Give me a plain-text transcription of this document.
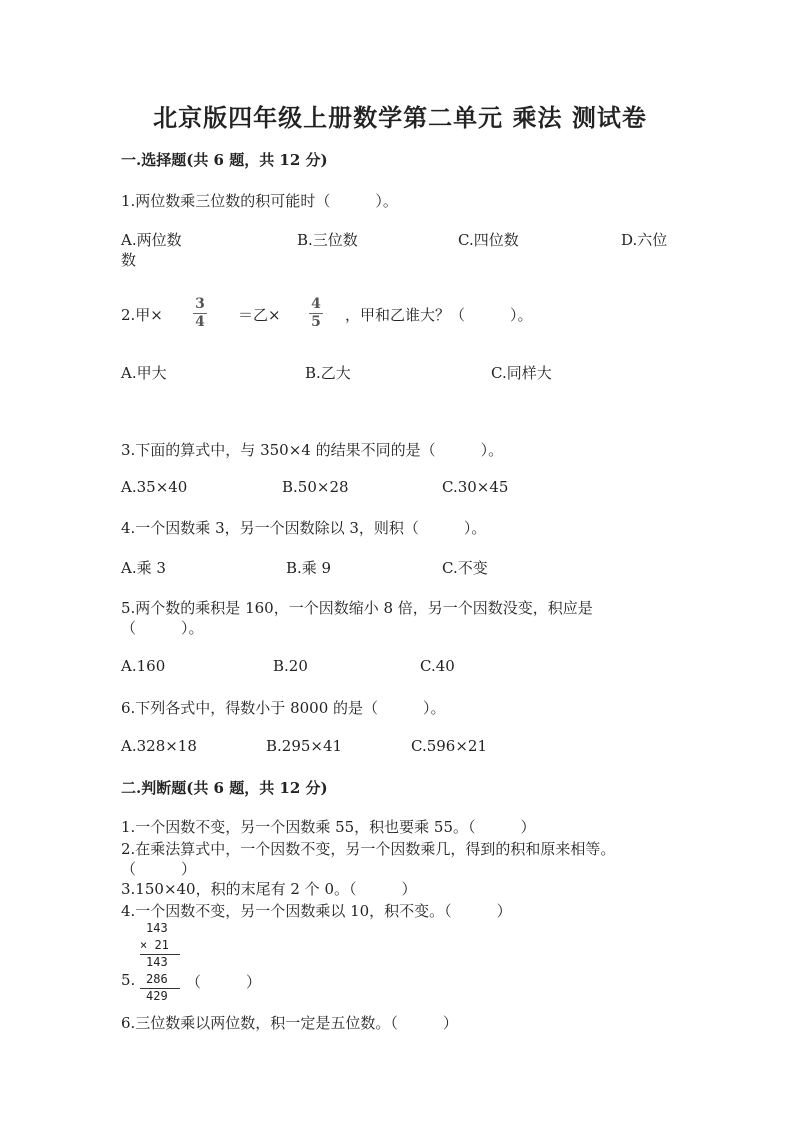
北京版四年级上册数学第二单元 乘法 测试卷
一.选择题(共 6 题，共 12 分)
1.两位数乘三位数的积可能时（　　　）。
A.两位数	B.三位数	C.四位数	D.六位
数
2.甲×
3
4 ＝乙×
4
5 ，甲和乙谁大？（　　　）。
A.甲大	B.乙大	C.同样大
3.下面的算式中，与 350×4 的结果不同的是（　　　）。
A.35×40	B.50×28	C.30×45
4.一个因数乘 3，另一个因数除以 3，则积（　　　）。
A.乘 3	B.乘 9	C.不变
5.两个数的乘积是 160，一个因数缩小 8 倍，另一个因数没变，积应是
（　　　）。
A.160	B.20	C.40
6.下列各式中，得数小于 8000 的是（　　　）。
A.328×18	B.295×41	C.596×21
二.判断题(共 6 题，共 12 分)
1.一个因数不变，另一个因数乘 55，积也要乘 55。（　　　）
2.在乘法算式中，一个因数不变，另一个因数乘几，得到的积和原来相等。
（　　　）
3.150×40，积的末尾有 2 个 0。（　　　）
4.一个因数不变，另一个因数乘以 10，积不变。（　　　）
143
× 21
143
286
429
5.	（　　　）
6.三位数乘以两位数，积一定是五位数。（　　　）
